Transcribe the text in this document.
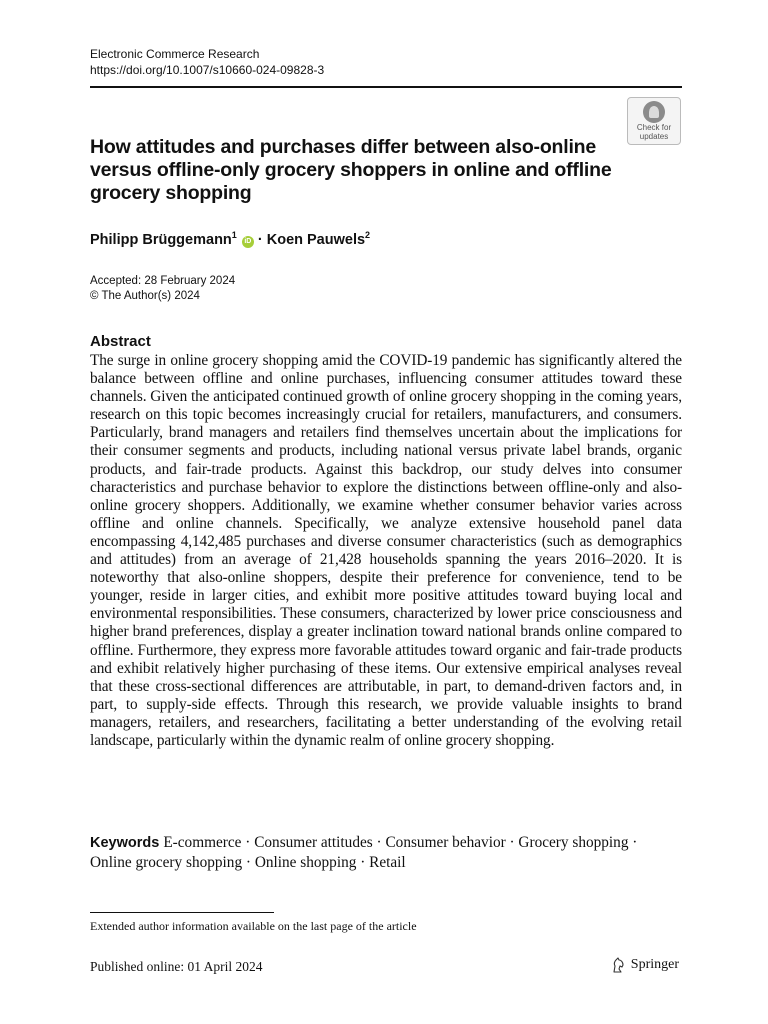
Electronic Commerce Research
https://doi.org/10.1007/s10660-024-09828-3
Check for
updates
How attitudes and purchases differ between also-online versus offline-only grocery shoppers in online and offline grocery shopping
Philipp Brüggemann$^1$ iD · Koen Pauwels$^2$
Accepted: 28 February 2024
© The Author(s) 2024
Abstract
The surge in online grocery shopping amid the COVID-19 pandemic has significantly altered the balance between offline and online purchases, influencing consumer attitudes toward these channels. Given the anticipated continued growth of online grocery shopping in the coming years, research on this topic becomes increasingly crucial for retailers, manufacturers, and consumers. Particularly, brand managers and retailers find themselves uncertain about the implications for their consumer segments and products, including national versus private label brands, organic products, and fair-trade products. Against this backdrop, our study delves into consumer characteristics and purchase behavior to explore the distinctions between offline-only and also-online grocery shoppers. Additionally, we examine whether consumer behavior varies across offline and online channels. Specifically, we analyze extensive household panel data encompassing 4,142,485 purchases and diverse consumer characteristics (such as demographics and attitudes) from an average of 21,428 households spanning the years 2016–2020. It is noteworthy that also-online shoppers, despite their preference for convenience, tend to be younger, reside in larger cities, and exhibit more positive attitudes toward buying local and environmental responsibilities. These consumers, characterized by lower price consciousness and higher brand preferences, display a greater inclination toward national brands online compared to offline. Furthermore, they express more favorable attitudes toward organic and fair-trade products and exhibit relatively higher purchasing of these items. Our extensive empirical analyses reveal that these cross-sectional differences are attributable, in part, to demand-driven factors and, in part, to supply-side effects. Through this research, we provide valuable insights to brand managers, retailers, and researchers, facilitating a better understanding of the evolving retail landscape, particularly within the dynamic realm of online grocery shopping.
Keywords E-commerce · Consumer attitudes · Consumer behavior · Grocery shopping · Online grocery shopping · Online shopping · Retail
Extended author information available on the last page of the article
Published online: 01 April 2024	Springer
